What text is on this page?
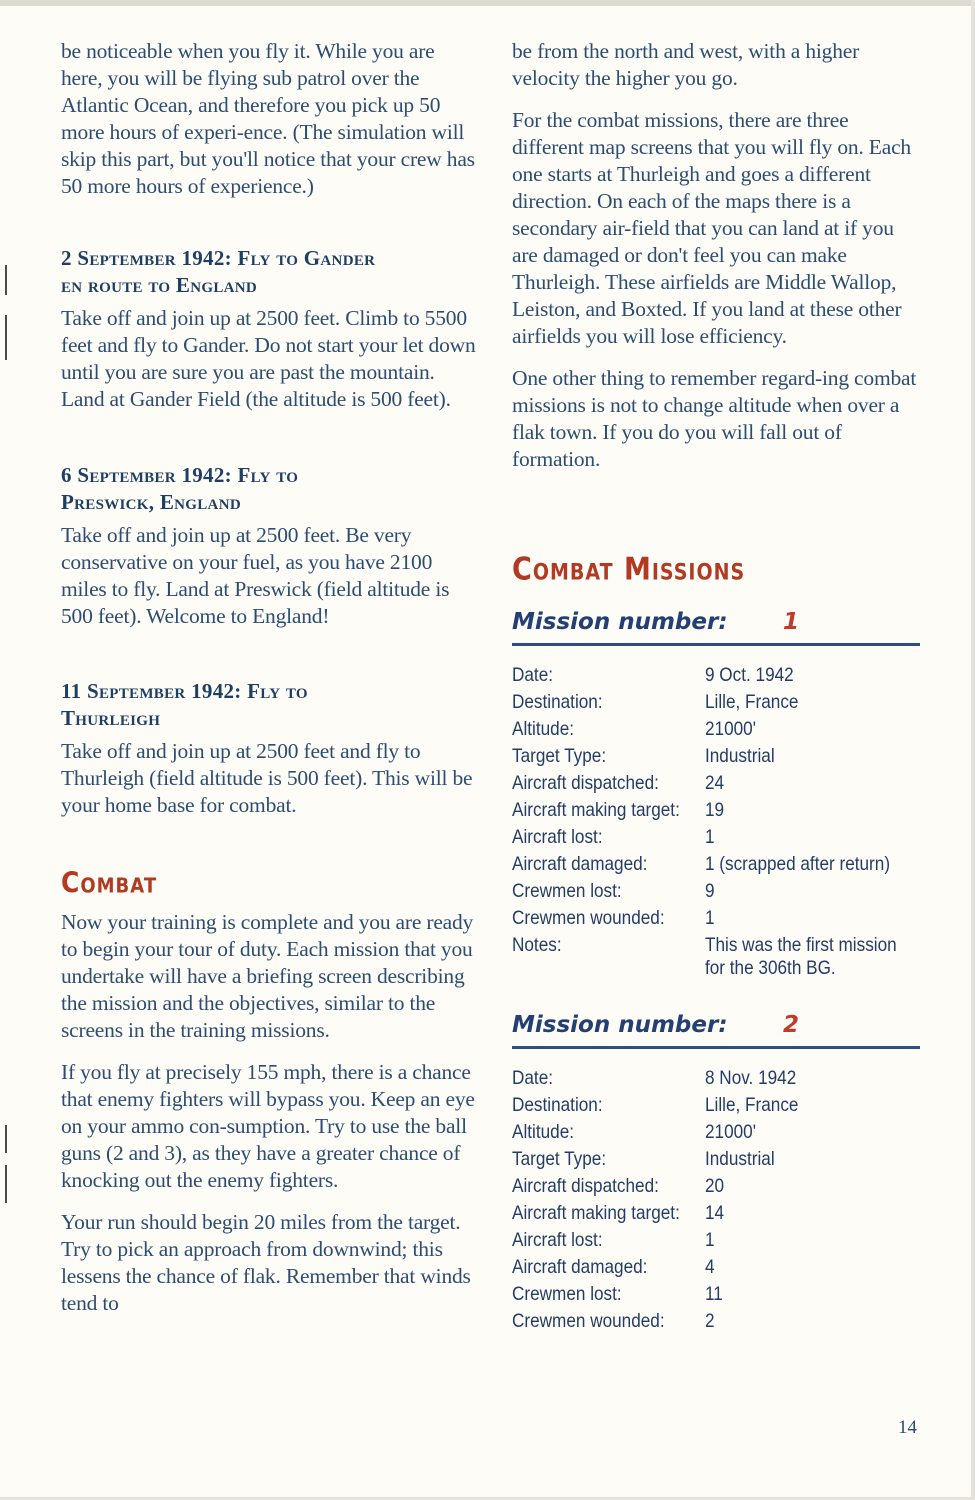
be noticeable when you fly it. While you are here, you will be flying sub patrol over the Atlantic Ocean, and therefore you pick up 50 more hours of experi-ence. (The simulation will skip this part, but you'll notice that your crew has 50 more hours of experience.)

2 September 1942: Fly to Gander
en route to England

Take off and join up at 2500 feet. Climb to 5500 feet and fly to Gander. Do not start your let down until you are sure you are past the mountain. Land at Gander Field (the altitude is 500 feet).

6 September 1942: Fly to
Preswick, England

Take off and join up at 2500 feet. Be very conservative on your fuel, as you have 2100 miles to fly. Land at Preswick (field altitude is 500 feet). Welcome to England!

11 September 1942: Fly to
Thurleigh

Take off and join up at 2500 feet and fly to Thurleigh (field altitude is 500 feet). This will be your home base for combat.

Combat

Now your training is complete and you are ready to begin your tour of duty. Each mission that you undertake will have a briefing screen describing the mission and the objectives, similar to the screens in the training missions.

If you fly at precisely 155 mph, there is a chance that enemy fighters will bypass you. Keep an eye on your ammo con-sumption. Try to use the ball guns (2 and 3), as they have a greater chance of knocking out the enemy fighters.

Your run should begin 20 miles from the target. Try to pick an approach from downwind; this lessens the chance of flak. Remember that winds tend to

be from the north and west, with a higher velocity the higher you go.

For the combat missions, there are three different map screens that you will fly on. Each one starts at Thurleigh and goes a different direction. On each of the maps there is a secondary air-field that you can land at if you are damaged or don't feel you can make Thurleigh. These airfields are Middle Wallop, Leiston, and Boxted. If you land at these other airfields you will lose efficiency.

One other thing to remember regard-ing combat missions is not to change altitude when over a flak town. If you do you will fall out of formation.

Combat Missions
Mission number: 1
Date:	9 Oct. 1942
Destination:	Lille, France
Altitude:	21000'
Target Type:	Industrial
Aircraft dispatched: 24
Aircraft making target: 19
Aircraft lost:	1
Aircraft damaged:	1 (scrapped after return)
Crewmen lost:	9
Crewmen wounded: 1
Notes:	This was the first mission
for the 306th BG.
Mission number: 2
Date:	8 Nov. 1942
Destination:	Lille, France
Altitude:	21000'
Target Type:	Industrial
Aircraft dispatched: 20
Aircraft making target: 14
Aircraft lost:	1
Aircraft damaged:	4
Crewmen lost:	11
Crewmen wounded: 2
14
